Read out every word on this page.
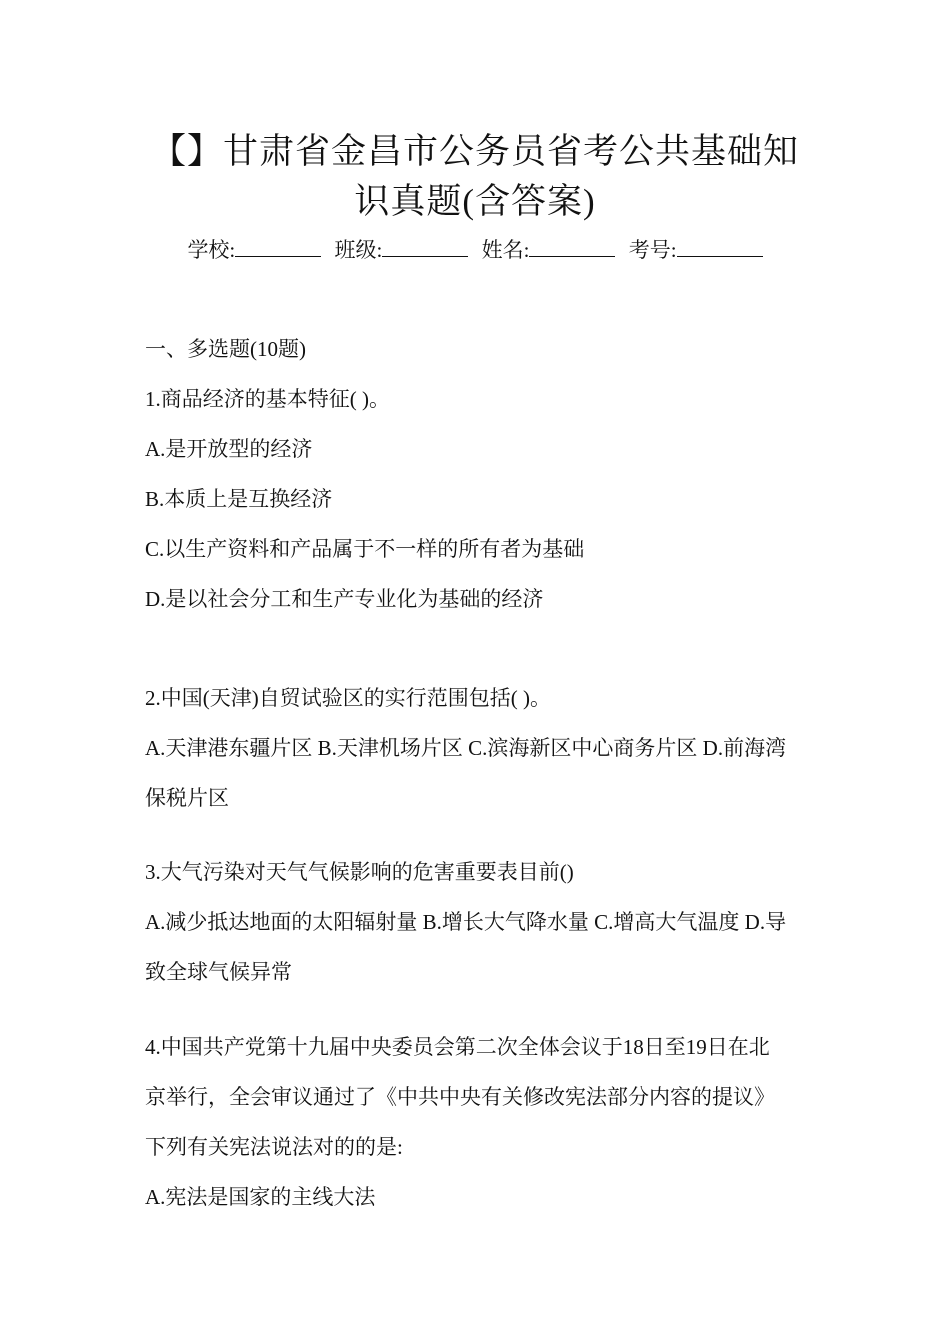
【】甘肃省金昌市公务员省考公共基础知
识真题(含答案)
学校:	班级:	姓名:	考号:
一、多选题(10题)
1.商品经济的基本特征( )。
A.是开放型的经济
B.本质上是互换经济
C.以生产资料和产品属于不一样的所有者为基础
D.是以社会分工和生产专业化为基础的经济
2.中国(天津)自贸试验区的实行范围包括( )。
A.天津港东疆片区 B.天津机场片区 C.滨海新区中心商务片区 D.前海湾
保税片区
3.大气污染对天气气候影响的危害重要表目前()
A.减少抵达地面的太阳辐射量 B.增长大气降水量 C.增高大气温度 D.导
致全球气候异常
4.中国共产党第十九届中央委员会第二次全体会议于18日至19日在北
京举行，全会审议通过了《中共中央有关修改宪法部分内容的提议》
下列有关宪法说法对的的是:
A.宪法是国家的主线大法
